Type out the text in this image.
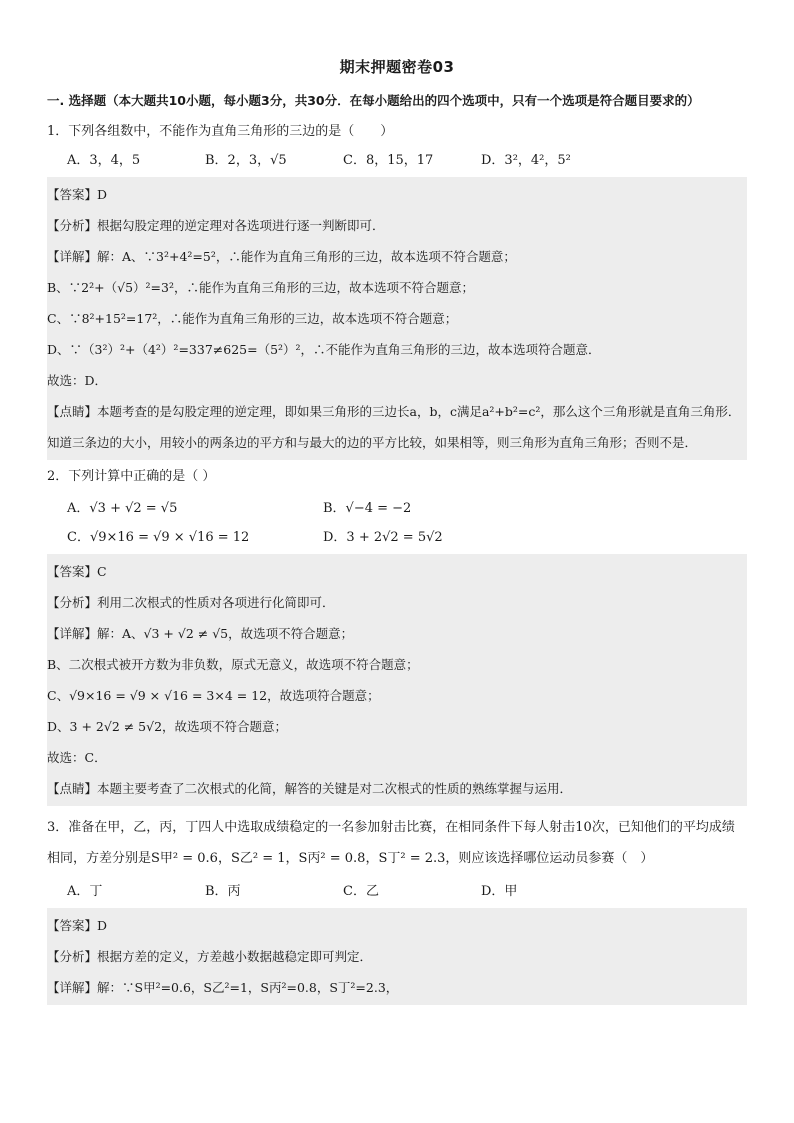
期末押题密卷03
一. 选择题（本大题共10小题，每小题3分，共30分．在每小题给出的四个选项中，只有一个选项是符合题目要求的）
1．下列各组数中，不能作为直角三角形的三边的是（　　）
A．3，4，5	B．2，3，√5	C．8，15，17	D．3²，4²，5²
【答案】D
【分析】根据勾股定理的逆定理对各选项进行逐一判断即可．
【详解】解：A、∵3²+4²=5²，∴能作为直角三角形的三边，故本选项不符合题意；
B、∵2²+（√5）²=3²，∴能作为直角三角形的三边，故本选项不符合题意；
C、∵8²+15²=17²，∴能作为直角三角形的三边，故本选项不符合题意；
D、∵（3²）²+（4²）²=337≠625=（5²）²，∴不能作为直角三角形的三边，故本选项符合题意．
故选：D．
【点睛】本题考查的是勾股定理的逆定理，即如果三角形的三边长a，b，c满足a²+b²=c²，那么这个三角形就是直角三角形．知道三条边的大小，用较小的两条边的平方和与最大的边的平方比较，如果相等，则三角形为直角三角形；否则不是．
2．下列计算中正确的是（ ）
A．√3 + √2 = √5	B．√−4 = −2
C．√9×16 = √9 × √16 = 12	D．3 + 2√2 = 5√2
【答案】C
【分析】利用二次根式的性质对各项进行化简即可．
【详解】解：A、√3 + √2 ≠ √5，故选项不符合题意；
B、二次根式被开方数为非负数，原式无意义，故选项不符合题意；
C、√9×16 = √9 × √16 = 3×4 = 12，故选项符合题意；
D、3 + 2√2 ≠ 5√2，故选项不符合题意；
故选：C．
【点睛】本题主要考查了二次根式的化简，解答的关键是对二次根式的性质的熟练掌握与运用．
3．准备在甲，乙，丙，丁四人中选取成绩稳定的一名参加射击比赛，在相同条件下每人射击10次，已知他们的平均成绩相同，方差分别是S甲² = 0.6，S乙² = 1，S丙² = 0.8，S丁² = 2.3，则应该选择哪位运动员参赛（　）
A．丁	B．丙	C．乙	D．甲
【答案】D
【分析】根据方差的定义，方差越小数据越稳定即可判定．
【详解】解：∵S甲²=0.6，S乙²=1，S丙²=0.8，S丁²=2.3，
